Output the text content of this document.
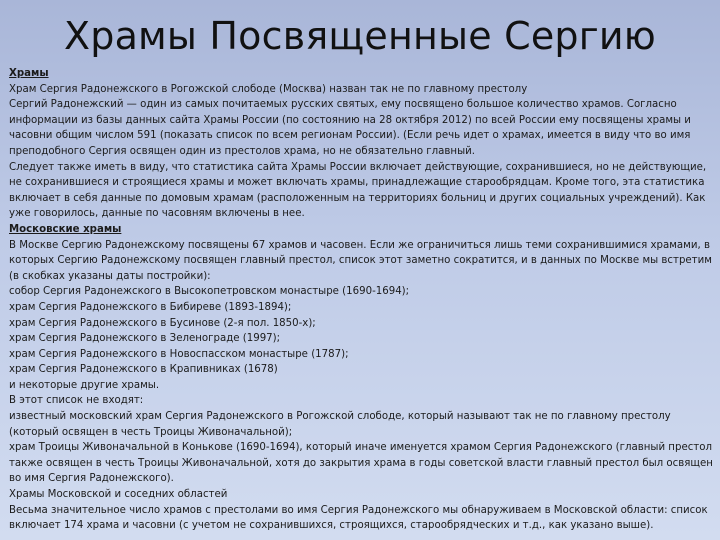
Храмы Посвященные Сергию

Храмы

Храм Сергия Радонежского в Рогожской слободе (Москва) назван так не по главному престолу

Сергий Радонежский — один из самых почитаемых русских святых, ему посвящено большое количество храмов. Согласно информации из базы данных сайта Храмы России (по состоянию на 28 октября 2012) по всей России ему посвящены храмы и часовни общим числом 591 (показать список по всем регионам России). (Если речь идет о храмах, имеется в виду что во имя преподобного Сергия освящен один из престолов храма, но не обязательно главный.

Следует также иметь в виду, что статистика сайта Храмы России включает действующие, сохранившиеся, но не действующие, не сохранившиеся и строящиеся храмы и может включать храмы, принадлежащие старообрядцам. Кроме того, эта статистика включает в себя данные по домовым храмам (расположенным на территориях больниц и других социальных учреждений). Как уже говорилось, данные по часовням включены в нее.

Московские храмы

В Москве Сергию Радонежскому посвящены 67 храмов и часовен. Если же ограничиться лишь теми сохранившимися храмами, в которых Сергию Радонежскому посвящен главный престол, список этот заметно сократится, и в данных по Москве мы встретим (в скобках указаны даты постройки):

собор Сергия Радонежского в Высокопетровском монастыре (1690-1694);

храм Сергия Радонежского в Бибиреве (1893-1894);

храм Сергия Радонежского в Бусинове (2-я пол. 1850-х);

храм Сергия Радонежского в Зеленограде (1997);

храм Сергия Радонежского в Новоспасском монастыре (1787);

храм Сергия Радонежского в Крапивниках (1678)

и некоторые другие храмы.

В этот список не входят:

известный московский храм Сергия Радонежского в Рогожской слободе, который называют так не по главному престолу (который освящен в честь Троицы Живоначальной);

храм Троицы Живоначальной в Конькове (1690-1694), который иначе именуется храмом Сергия Радонежского (главный престол также освящен в честь Троицы Живоначальной, хотя до закрытия храма в годы советской власти главный престол был освящен во имя Сергия Радонежского).

Храмы Московской и соседних областей

Весьма значительное число храмов с престолами во имя Сергия Радонежского мы обнаруживаем в Московской области: список включает 174 храма и часовни (с учетом не сохранившихся, строящихся, старообрядческих и т.д., как указано выше).
